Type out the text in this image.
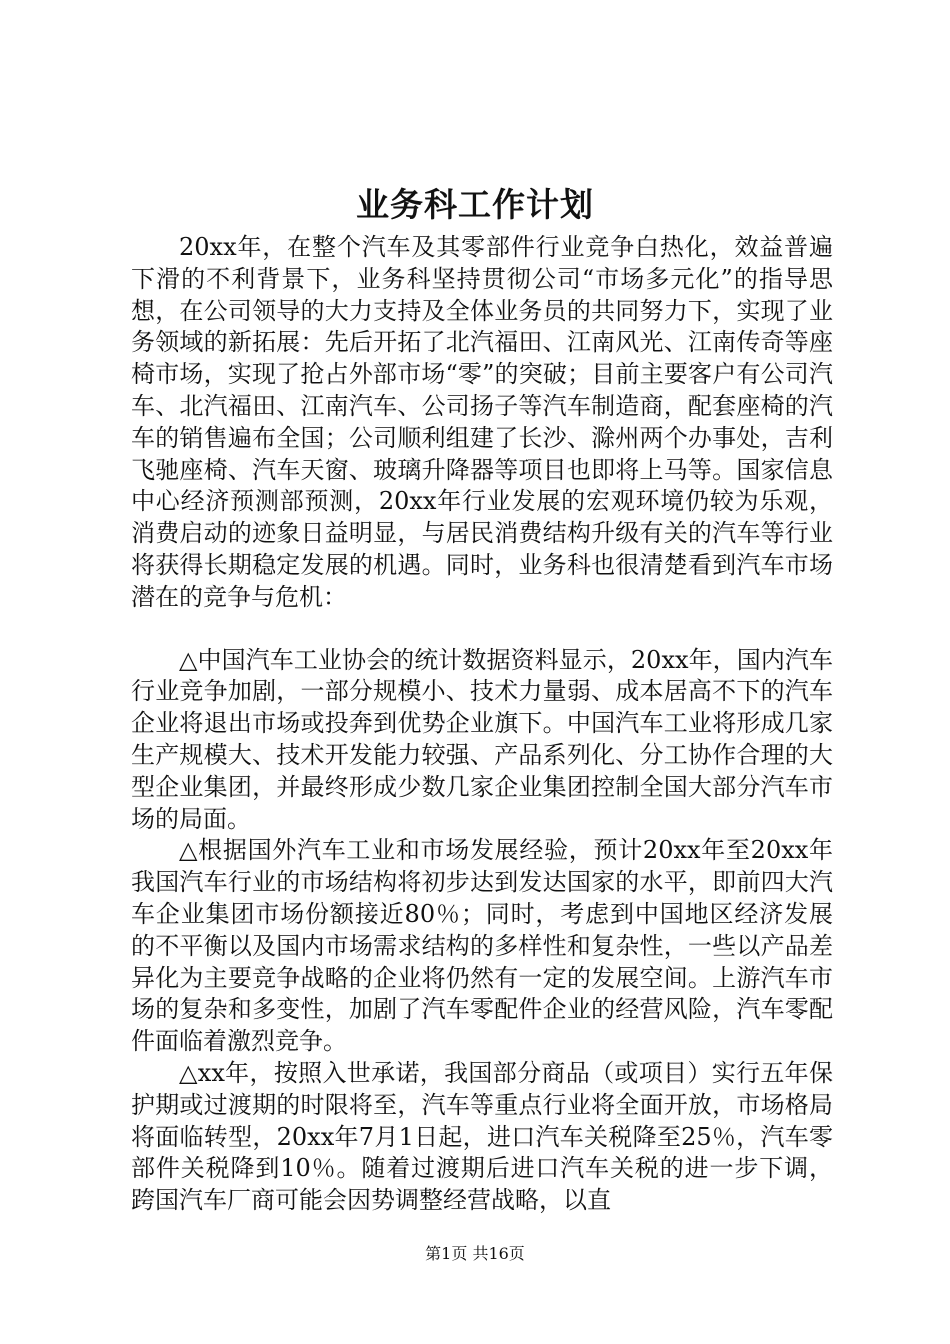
业务科工作计划

20xx年，在整个汽车及其零部件行业竞争白热化，效益普遍下滑的不利背景下，业务科坚持贯彻公司“市场多元化”的指导思想，在公司领导的大力支持及全体业务员的共同努力下，实现了业务领域的新拓展：先后开拓了北汽福田、江南风光、江南传奇等座椅市场，实现了抢占外部市场“零”的突破；目前主要客户有公司汽车、北汽福田、江南汽车、公司扬子等汽车制造商，配套座椅的汽车的销售遍布全国；公司顺利组建了长沙、滁州两个办事处，吉利飞驰座椅、汽车天窗、玻璃升降器等项目也即将上马等。国家信息中心经济预测部预测，20xx年行业发展的宏观环境仍较为乐观，消费启动的迹象日益明显，与居民消费结构升级有关的汽车等行业将获得长期稳定发展的机遇。同时，业务科也很清楚看到汽车市场潜在的竞争与危机：

△中国汽车工业协会的统计数据资料显示，20xx年，国内汽车行业竞争加剧，一部分规模小、技术力量弱、成本居高不下的汽车企业将退出市场或投奔到优势企业旗下。中国汽车工业将形成几家生产规模大、技术开发能力较强、产品系列化、分工协作合理的大型企业集团，并最终形成少数几家企业集团控制全国大部分汽车市场的局面。

△根据国外汽车工业和市场发展经验，预计20xx年至20xx年我国汽车行业的市场结构将初步达到发达国家的水平，即前四大汽车企业集团市场份额接近80％；同时，考虑到中国地区经济发展的不平衡以及国内市场需求结构的多样性和复杂性，一些以产品差异化为主要竞争战略的企业将仍然有一定的发展空间。上游汽车市场的复杂和多变性，加剧了汽车零配件企业的经营风险，汽车零配件面临着激烈竞争。

△xx年，按照入世承诺，我国部分商品（或项目）实行五年保护期或过渡期的时限将至，汽车等重点行业将全面开放，市场格局将面临转型，20xx年7月1日起，进口汽车关税降至25％，汽车零部件关税降到10％。随着过渡期后进口汽车关税的进一步下调，跨国汽车厂商可能会因势调整经营战略，以直

第1页 共16页
